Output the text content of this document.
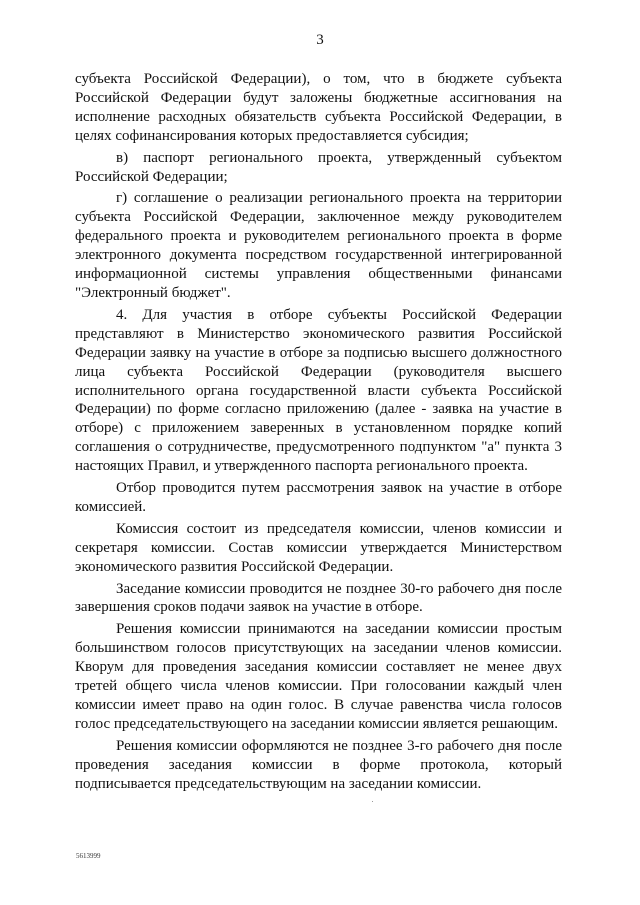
3

субъекта Российской Федерации), о том, что в бюджете субъекта Российской Федерации будут заложены бюджетные ассигнования на исполнение расходных обязательств субъекта Российской Федерации, в целях софинансирования которых предоставляется субсидия;

в) паспорт регионального проекта, утвержденный субъектом Российской Федерации;

г) соглашение о реализации регионального проекта на территории субъекта Российской Федерации, заключенное между руководителем федерального проекта и руководителем регионального проекта в форме электронного документа посредством государственной интегрированной информационной системы управления общественными финансами "Электронный бюджет".

4. Для участия в отборе субъекты Российской Федерации представляют в Министерство экономического развития Российской Федерации заявку на участие в отборе за подписью высшего должностного лица субъекта Российской Федерации (руководителя высшего исполнительного органа государственной власти субъекта Российской Федерации) по форме согласно приложению (далее - заявка на участие в отборе) с приложением заверенных в установленном порядке копий соглашения о сотрудничестве, предусмотренного подпунктом "а" пункта 3 настоящих Правил, и утвержденного паспорта регионального проекта.

Отбор проводится путем рассмотрения заявок на участие в отборе комиссией.

Комиссия состоит из председателя комиссии, членов комиссии и секретаря комиссии. Состав комиссии утверждается Министерством экономического развития Российской Федерации.

Заседание комиссии проводится не позднее 30-го рабочего дня после завершения сроков подачи заявок на участие в отборе.

Решения комиссии принимаются на заседании комиссии простым большинством голосов присутствующих на заседании членов комиссии. Кворум для проведения заседания комиссии составляет не менее двух третей общего числа членов комиссии. При голосовании каждый член комиссии имеет право на один голос. В случае равенства числа голосов голос председательствующего на заседании комиссии является решающим.

Решения комиссии оформляются не позднее 3-го рабочего дня после проведения заседания комиссии в форме протокола, который подписывается председательствующим на заседании комиссии.

5613999
